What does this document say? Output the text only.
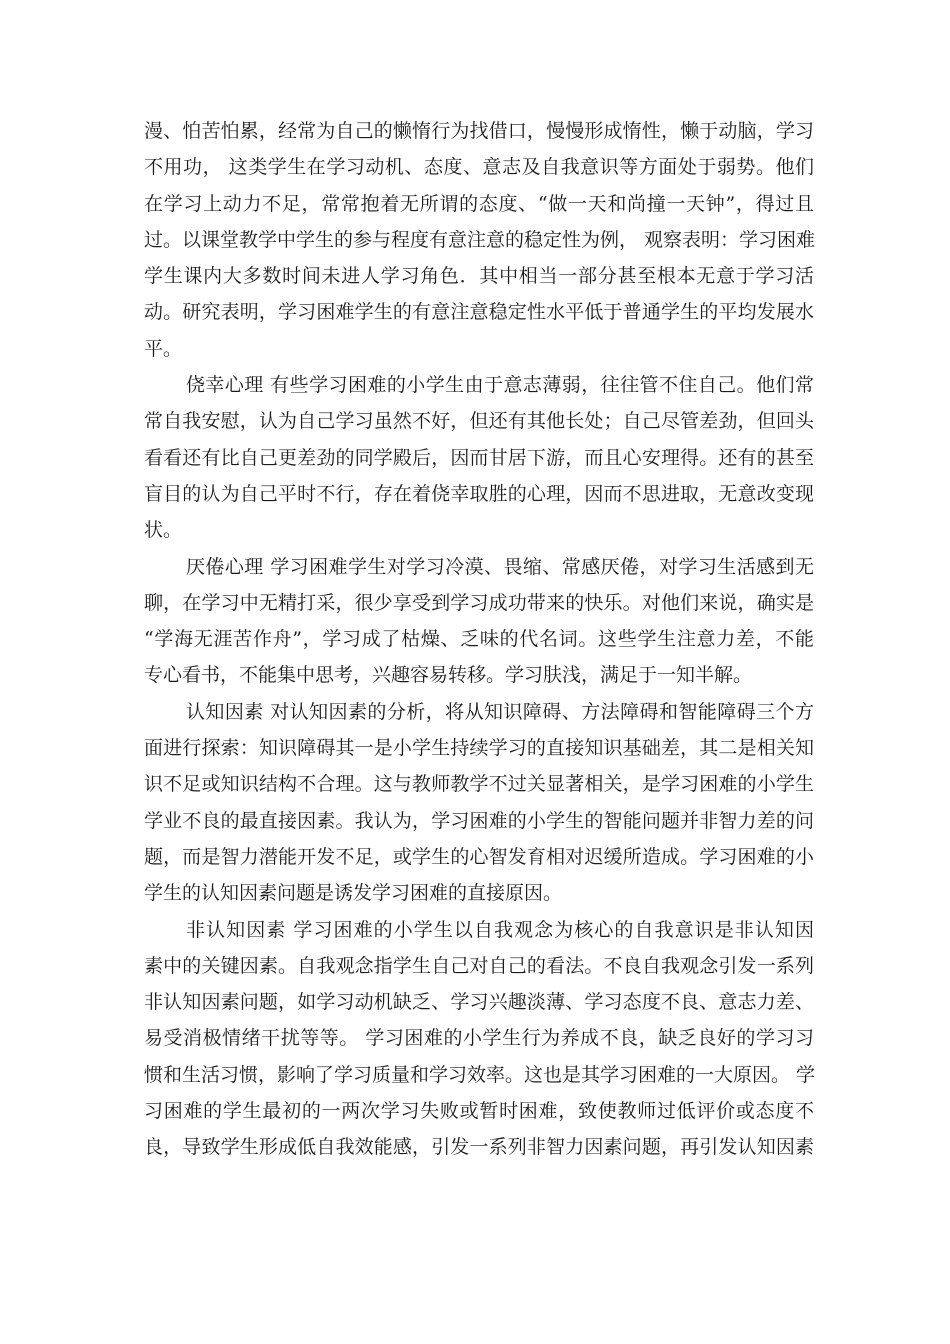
漫、怕苦怕累，经常为自己的懒惰行为找借口，慢慢形成惰性，懒于动脑，学习
不用功， 这类学生在学习动机、态度、意志及自我意识等方面处于弱势。他们
在学习上动力不足，常常抱着无所谓的态度、“做一天和尚撞一天钟”，得过且
过。以课堂教学中学生的参与程度有意注意的稳定性为例， 观察表明：学习困难
学生课内大多数时间未进人学习角色．其中相当一部分甚至根本无意于学习活
动。研究表明，学习困难学生的有意注意稳定性水平低于普通学生的平均发展水
平。
侥幸心理 有些学习困难的小学生由于意志薄弱，往往管不住自己。他们常
常自我安慰，认为自己学习虽然不好，但还有其他长处；自己尽管差劲，但回头
看看还有比自己更差劲的同学殿后，因而甘居下游，而且心安理得。还有的甚至
盲目的认为自己平时不行，存在着侥幸取胜的心理，因而不思进取，无意改变现
状。
厌倦心理 学习困难学生对学习冷漠、畏缩、常感厌倦，对学习生活感到无
聊，在学习中无精打采，很少享受到学习成功带来的快乐。对他们来说，确实是
“学海无涯苦作舟”，学习成了枯燥、乏味的代名词。这些学生注意力差，不能
专心看书，不能集中思考，兴趣容易转移。学习肤浅，满足于一知半解。
认知因素 对认知因素的分析，将从知识障碍、方法障碍和智能障碍三个方
面进行探索：知识障碍其一是小学生持续学习的直接知识基础差，其二是相关知
识不足或知识结构不合理。这与教师教学不过关显著相关，是学习困难的小学生
学业不良的最直接因素。我认为，学习困难的小学生的智能问题并非智力差的问
题，而是智力潜能开发不足，或学生的心智发育相对迟缓所造成。学习困难的小
学生的认知因素问题是诱发学习困难的直接原因。
非认知因素 学习困难的小学生以自我观念为核心的自我意识是非认知因
素中的关键因素。自我观念指学生自己对自己的看法。不良自我观念引发一系列
非认知因素问题，如学习动机缺乏、学习兴趣淡薄、学习态度不良、意志力差、
易受消极情绪干扰等等。 学习困难的小学生行为养成不良，缺乏良好的学习习
惯和生活习惯，影响了学习质量和学习效率。这也是其学习困难的一大原因。 学
习困难的学生最初的一两次学习失败或暂时困难，致使教师过低评价或态度不
良，导致学生形成低自我效能感，引发一系列非智力因素问题，再引发认知因素
